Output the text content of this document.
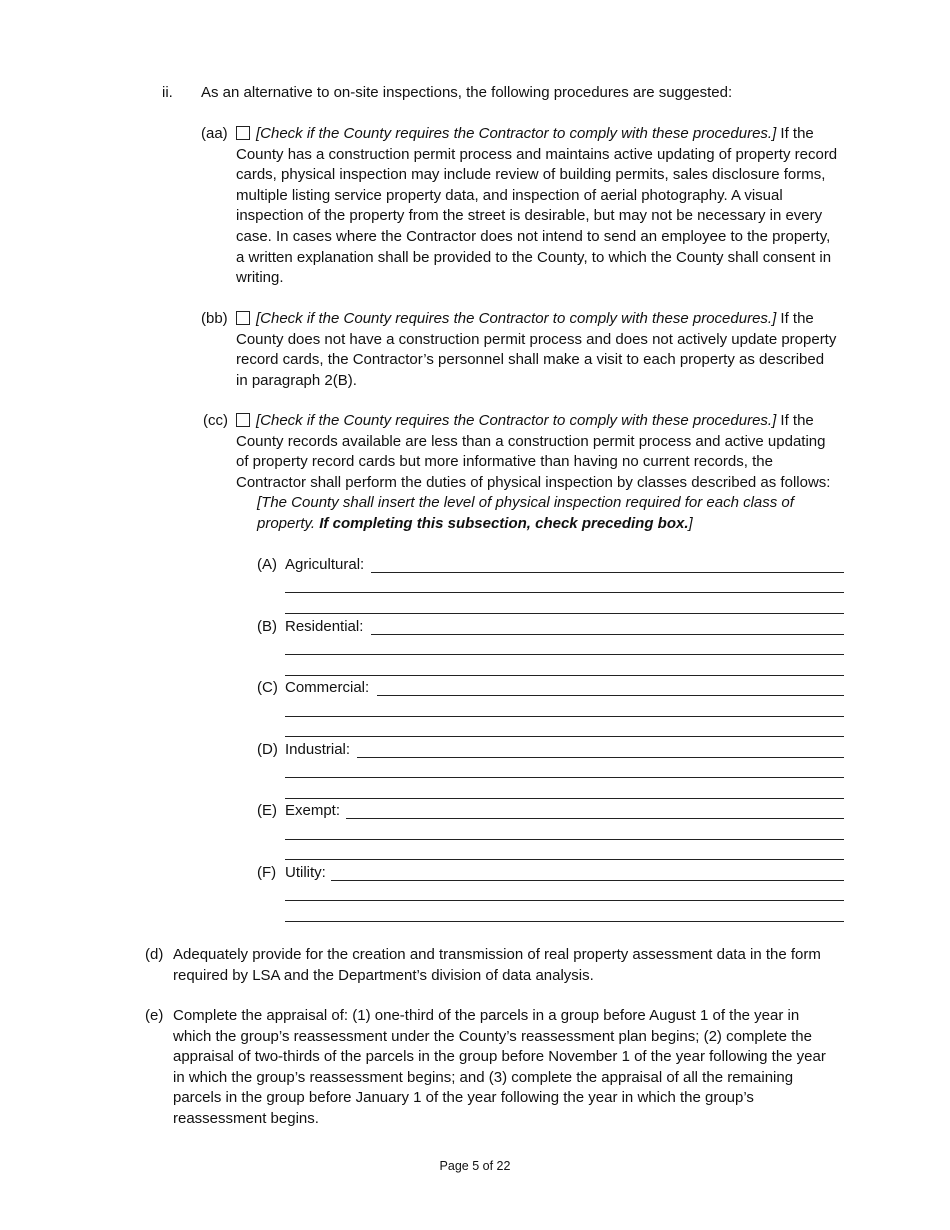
ii. As an alternative to on-site inspections, the following procedures are suggested:
(aa)	[Check if the County requires the Contractor to comply with these procedures.] If the

County has a construction permit process and maintains active updating of property record

cards, physical inspection may include review of building permits, sales disclosure forms,

multiple listing service property data, and inspection of aerial photography. A visual

inspection of the property from the street is desirable, but may not be necessary in every

case. In cases where the Contractor does not intend to send an employee to the property,

a written explanation shall be provided to the County, to which the County shall consent in

writing.

(bb)	[Check if the County requires the Contractor to comply with these procedures.] If the

County does not have a construction permit process and does not actively update property

record cards, the Contractor’s personnel shall make a visit to each property as described

in paragraph 2(B).

(cc)	[Check if the County requires the Contractor to comply with these procedures.] If the

County records available are less than a construction permit process and active updating

of property record cards but more informative than having no current records, the

Contractor shall perform the duties of physical inspection by classes described as follows:

[The County shall insert the level of physical inspection required for each class of

property. If completing this subsection, check preceding box.]

(A) Agricultural:
(B) Residential:
(C) Commercial:
(D) Industrial:
(E) Exempt:
(F) Utility:
(d) Adequately provide for the creation and transmission of real property assessment data in the form

required by LSA and the Department’s division of data analysis.

(e) Complete the appraisal of: (1) one-third of the parcels in a group before August 1 of the year in

which the group’s reassessment under the County’s reassessment plan begins; (2) complete the

appraisal of two-thirds of the parcels in the group before November 1 of the year following the year

in which the group’s reassessment begins; and (3) complete the appraisal of all the remaining

parcels in the group before January 1 of the year following the year in which the group’s

reassessment begins.

Page 5 of 22
